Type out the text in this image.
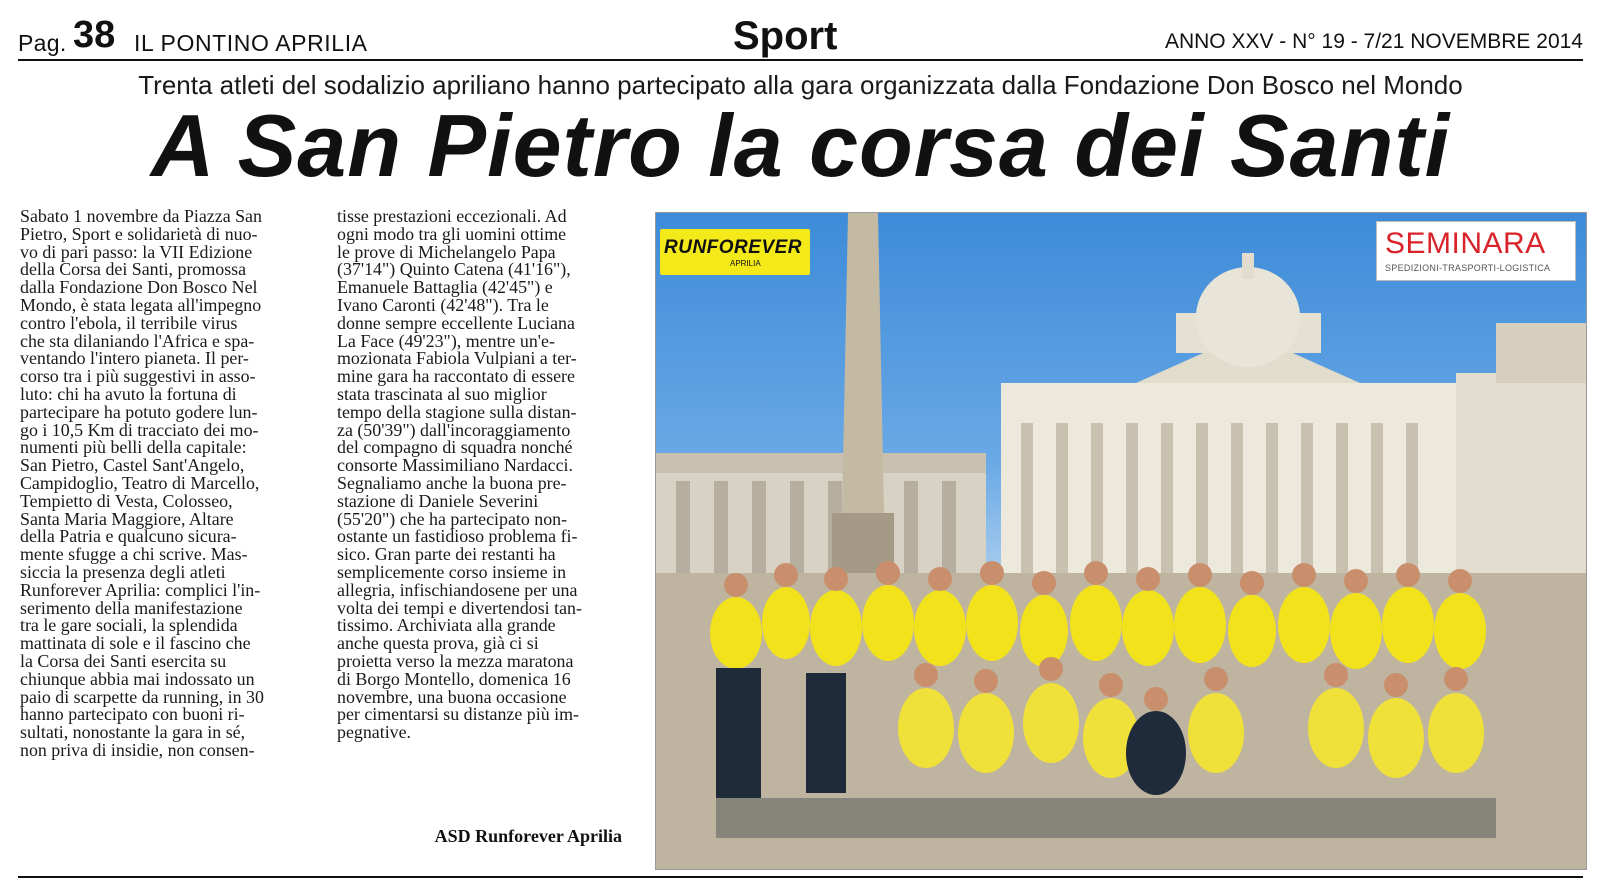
Pag. 38 IL PONTINO APRILIA	Sport	ANNO XXV - N° 19 - 7/21 NOVEMBRE 2014
Trenta atleti del sodalizio apriliano hanno partecipato alla gara organizzata dalla Fondazione Don Bosco nel Mondo
A San Pietro la corsa dei Santi
Sabato 1 novembre da Piazza San
Pietro, Sport e solidarietà di nuo-
vo di pari passo: la VII Edizione
della Corsa dei Santi, promossa
dalla Fondazione Don Bosco Nel
Mondo, è stata legata all'impegno
contro l'ebola, il terribile virus
che sta dilaniando l'Africa e spa-
ventando l'intero pianeta. Il per-
corso tra i più suggestivi in asso-
luto: chi ha avuto la fortuna di
partecipare ha potuto godere lun-
go i 10,5 Km di tracciato dei mo-
numenti più belli della capitale:
San Pietro, Castel Sant'Angelo,
Campidoglio, Teatro di Marcello,
Tempietto di Vesta, Colosseo,
Santa Maria Maggiore, Altare
della Patria e qualcuno sicura-
mente sfugge a chi scrive. Mas-
siccia la presenza degli atleti
Runforever Aprilia: complici l'in-
serimento della manifestazione
tra le gare sociali, la splendida
mattinata di sole e il fascino che
la Corsa dei Santi esercita su
chiunque abbia mai indossato un
paio di scarpette da running, in 30
hanno partecipato con buoni ri-
sultati, nonostante la gara in sé,
non priva di insidie, non consen-
tisse prestazioni eccezionali. Ad
ogni modo tra gli uomini ottime
le prove di Michelangelo Papa
(37'14") Quinto Catena (41'16"),
Emanuele Battaglia (42'45") e
Ivano Caronti (42'48"). Tra le
donne sempre eccellente Luciana
La Face (49'23"), mentre un'e-
mozionata Fabiola Vulpiani a ter-
mine gara ha raccontato di essere
stata trascinata al suo miglior
tempo della stagione sulla distan-
za (50'39") dall'incoraggiamento
del compagno di squadra nonché
consorte Massimiliano Nardacci.
Segnaliamo anche la buona pre-
stazione di Daniele Severini
(55'20") che ha partecipato non-
ostante un fastidioso problema fi-
sico. Gran parte dei restanti ha
semplicemente corso insieme in
allegria, infischiandosene per una
volta dei tempi e divertendosi tan-
tissimo. Archiviata alla grande
anche questa prova, già ci si
proietta verso la mezza maratona
di Borgo Montello, domenica 16
novembre, una buona occasione
per cimentarsi su distanze più im-
pegnative.
ASD Runforever Aprilia
RUNFOREVER
APRILIA
SEMINARA
SPEDIZIONI-TRASPORTI-LOGISTICA
